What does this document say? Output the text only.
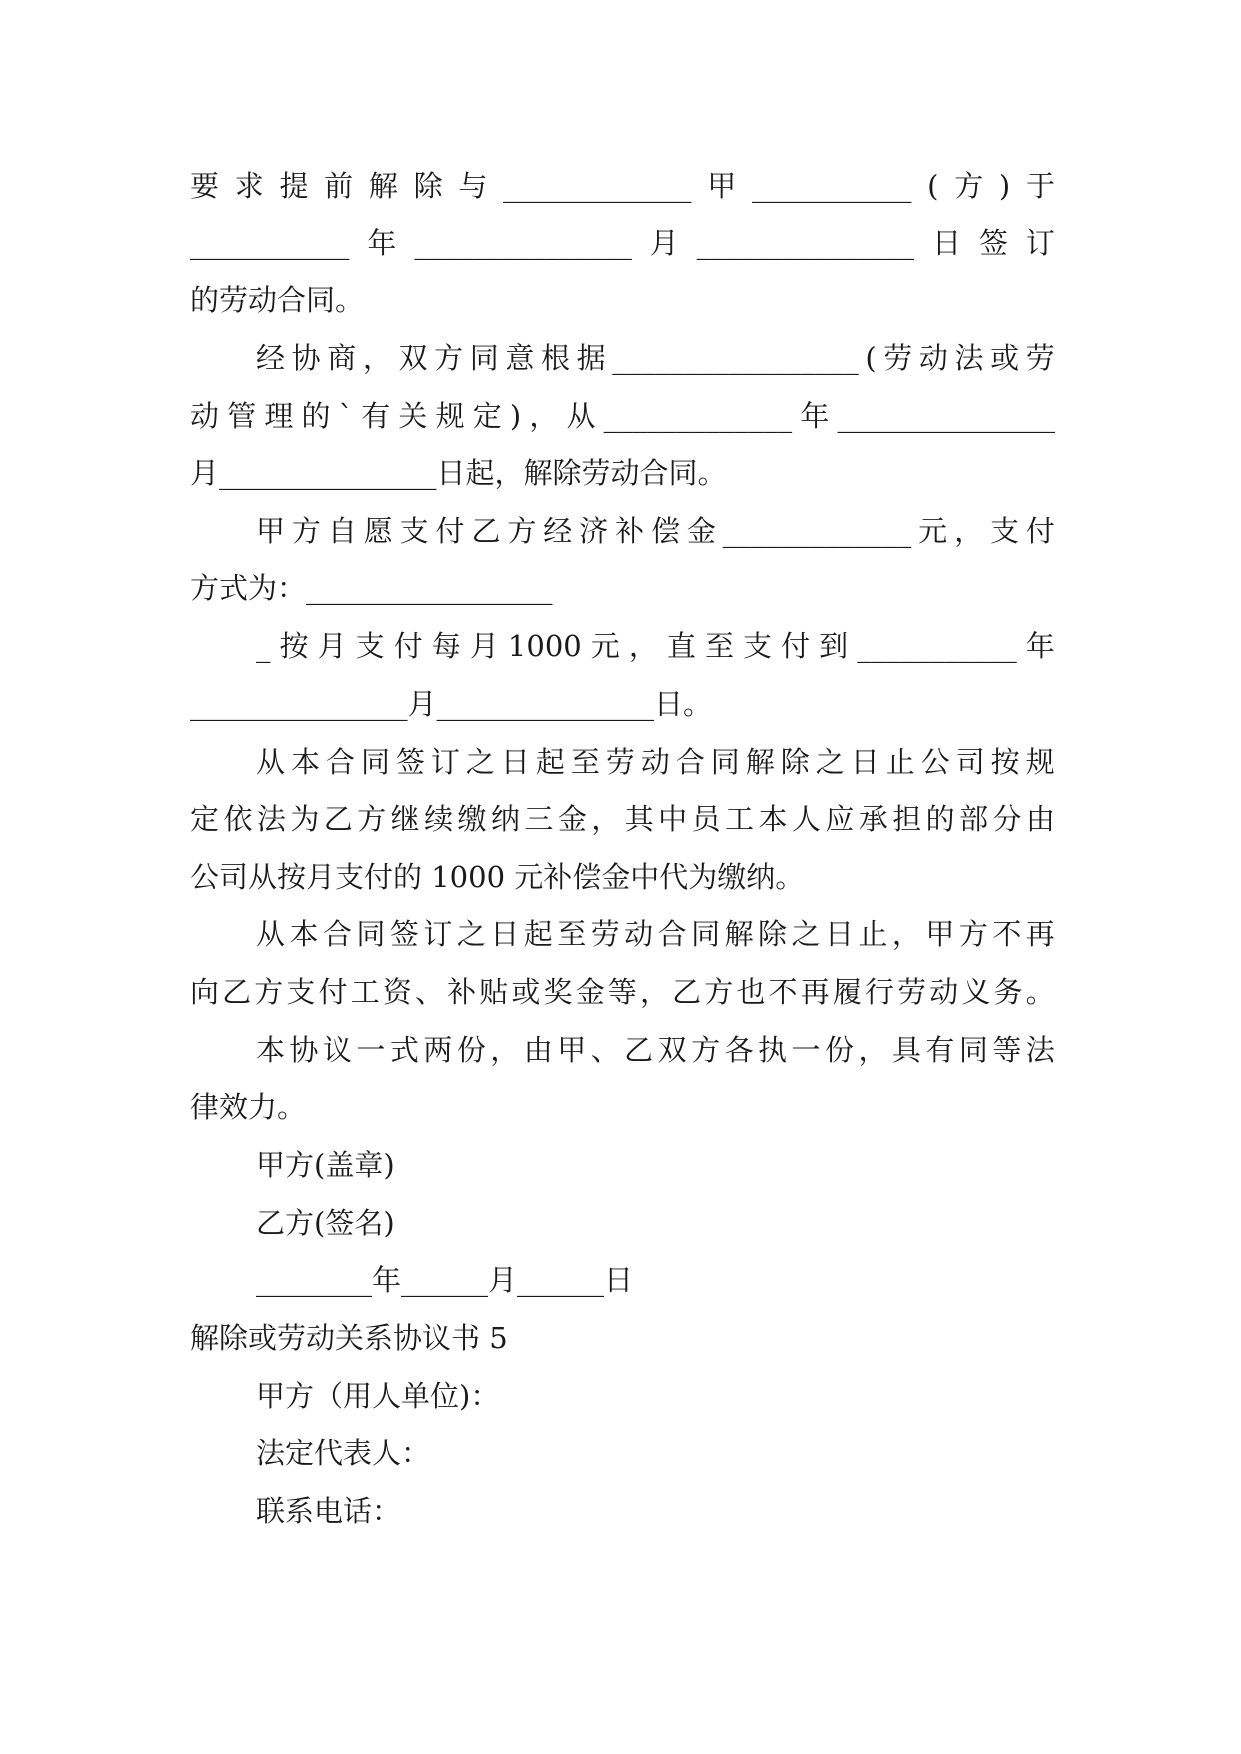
要 求 提 前 解 除 与 _____________ 甲 ___________ ( 方 ) 于
___________ 年 _______________ 月 _______________ 日 签 订
的劳动合同。
经 协 商 ， 双 方 同 意 根 据 _________________ ( 劳 动 法 或 劳
动 管 理 的 ` 有 关 规 定 ) ， 从 _____________ 年 _______________
月_______________日起，解除劳动合同。
甲 方 自 愿 支 付 乙 方 经 济 补 偿 金 _____________ 元 ， 支 付
方式为：_________________
_ 按 月 支 付 每 月 1000 元 ， 直 至 支 付 到 ___________ 年
_______________月_______________日。
从 本 合 同 签 订 之 日 起 至 劳 动 合 同 解 除 之 日 止 公 司 按 规
定 依 法 为 乙 方 继 续 缴 纳 三 金 ， 其 中 员 工 本 人 应 承 担 的 部 分 由
公司从按月支付的 1000 元补偿金中代为缴纳。
从 本 合 同 签 订 之 日 起 至 劳 动 合 同 解 除 之 日 止 ， 甲 方 不 再
向 乙 方 支 付 工 资 、 补 贴 或 奖 金 等 ， 乙 方 也 不 再 履 行 劳 动 义 务 。
本 协 议 一 式 两 份 ， 由 甲 、 乙 双 方 各 执 一 份 ， 具 有 同 等 法
律效力。
甲方(盖章)
乙方(签名)
________年______月______日
解除或劳动关系协议书 5
甲方（用人单位)：
法定代表人：
联系电话：
